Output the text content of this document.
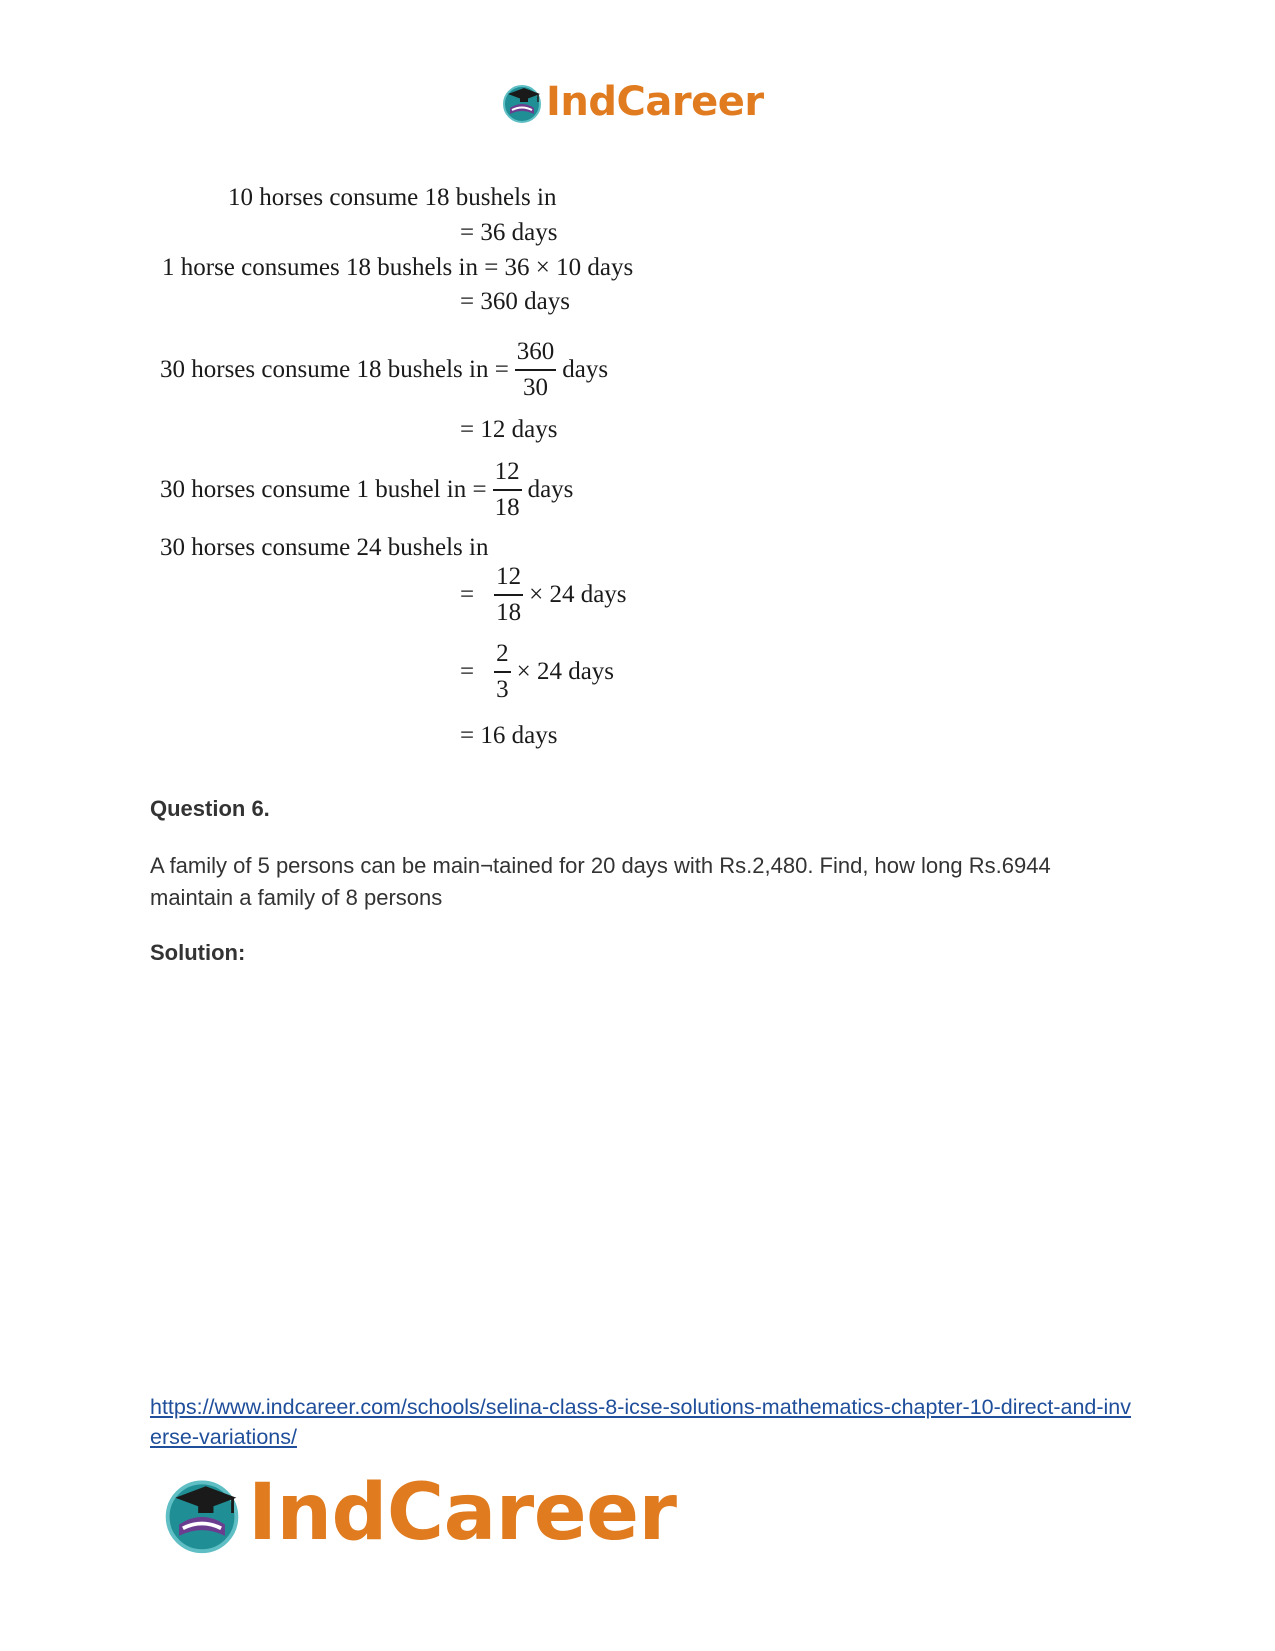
IndCareer
10 horses consume 18 bushels in
= 36 days
1 horse consumes 18 bushels in = 36 × 10 days
= 360 days
30 horses consume 18 bushels in = $\frac{360}{30}$ days
= 12 days
30 horses consume 1 bushel in = $\frac{12}{18}$ days
30 horses consume 24 bushels in
= $\frac{12}{18} \times 24$ days
= $\frac{2}{3} \times 24$ days
= 16 days
Question 6.
A family of 5 persons can be main¬tained for 20 days with Rs.2,480. Find, how long Rs.6944 maintain a family of 8 persons
Solution:
https://www.indcareer.com/schools/selina-class-8-icse-solutions-mathematics-chapter-10-direct-and-inverse-variations/
IndCareer
